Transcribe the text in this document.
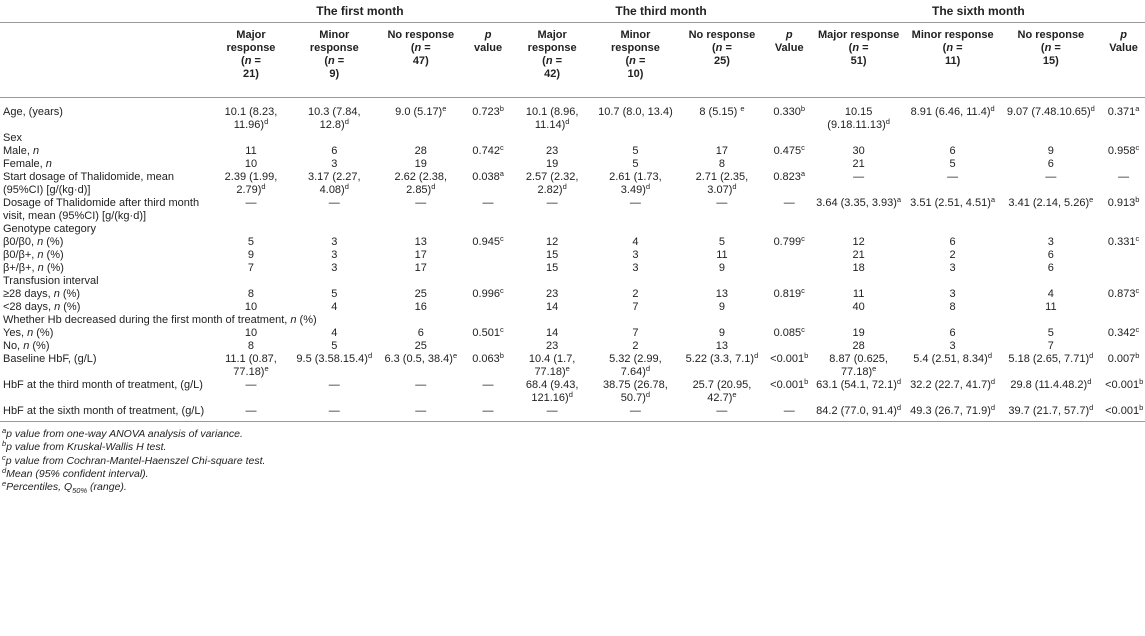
	The first month				The third month				The sixth month			
	Major response
(n =
21)	Minor response
(n =
9)	No response
(n =
47)	p
value	Major response
(n =
42)	Minor response
(n =
10)	No response
(n =
25)	p
Value	Major response
(n =
51)	Minor response
(n =
11)	No response
(n =
15)	p
Value
Age, (years)	10.1 (8.23, 11.96)$^d$	10.3 (7.84, 12.8)$^d$	9.0 $(5.17)^e$	0.723$^b$	10.1 (8.96, 11.14)$^d$	10.7 (8.0, 13.4)	8 (5.15) $^e$	0.330$^b$	10.15 $(9.18.11.13)^d$	8.91 (6.46, 11.4)$^d$	9.07 $(7.48.10.65)^d$	0.371$^a$
Sex												
Male, n	11	6	28	0.742$^c$	23	5	17	0.475$^c$	30	6	9	0.958$^c$
Female, n	10	3	19		19	5	8		21	5	6	
Start dosage of Thalidomide, mean (95%CI) [g/(kg·d)]	2.39 (1.99, 2.79)$^d$	3.17 (2.27, 4.08)$^d$	2.62 (2.38, 2.85)$^d$	0.038$^a$	2.57 (2.32, 2.82)$^d$	2.61 (1.73, 3.49)$^d$	2.71 (2.35, 3.07)$^d$	0.823$^a$	—	—	—	—
Dosage of Thalidomide after third month visit, mean (95%CI) [g/(kg·d)]	—	—	—	—	—	—	—	—	3.64 (3.35, 3.93)$^a$	3.51 (2.51, 4.51)$^a$	3.41 (2.14, 5.26)$^e$	0.913$^b$
Genotype category												
β0/β0, n (%)	5	3	13	0.945$^c$	12	4	5	0.799$^c$	12	6	3	0.331$^c$
β0/β+, n (%)	9	3	17		15	3	11		21	2	6	
β+/β+, n (%)	7	3	17		15	3	9		18	3	6	
Transfusion interval												
≥28 days, n (%)	8	5	25	0.996$^c$	23	2	13	0.819$^c$	11	3	4	0.873$^c$
<28 days, n (%)	10	4	16		14	7	9		40	8	11	
Whether Hb decreased during the first month of treatment, n (%)												
Yes, n (%)	10	4	6	0.501$^c$	14	7	9	0.085$^c$	19	6	5	0.342$^c$
No, n (%)	8	5	25		23	2	13		28	3	7	
Baseline HbF, (g/L)	11.1 (0.87, 77.18)$^e$	9.5 $(3.58.15.4)^d$	6.3 (0.5, 38.4)$^e$	0.063$^b$	10.4 (1.7, 77.18)$^e$	5.32 (2.99, 7.64)$^d$	5.22 (3.3, 7.1)$^d$	<0.001$^b$	8.87 (0.625, 77.18)$^e$	5.4 (2.51, 8.34)$^d$	5.18 (2.65, 7.71)$^d$	0.007$^b$
HbF at the third month of treatment, (g/L)	—	—	—	—	68.4 (9.43, 121.16)$^d$	38.75 (26.78, 50.7)$^d$	25.7 (20.95, 42.7)$^e$	<0.001$^b$	63.1 (54.1, 72.1)$^d$	32.2 (22.7, 41.7)$^d$	29.8 $(11.4.48.2)^d$	<0.001$^b$
HbF at the sixth month of treatment, (g/L)	—	—	—	—	—	—	—	—	84.2 (77.0, 91.4)$^d$	49.3 (26.7, 71.9)$^d$	39.7 (21.7, 57.7)$^d$	<0.001$^b$
$^a$p value from one-way ANOVA analysis of variance.
$^b$p value from Kruskal-Wallis H test.
$^c$p value from Cochran-Mantel-Haenszel Chi-square test.
$^d$Mean (95% confident interval).
$^e$Percentiles, $Q_{50\%}$ (range).
